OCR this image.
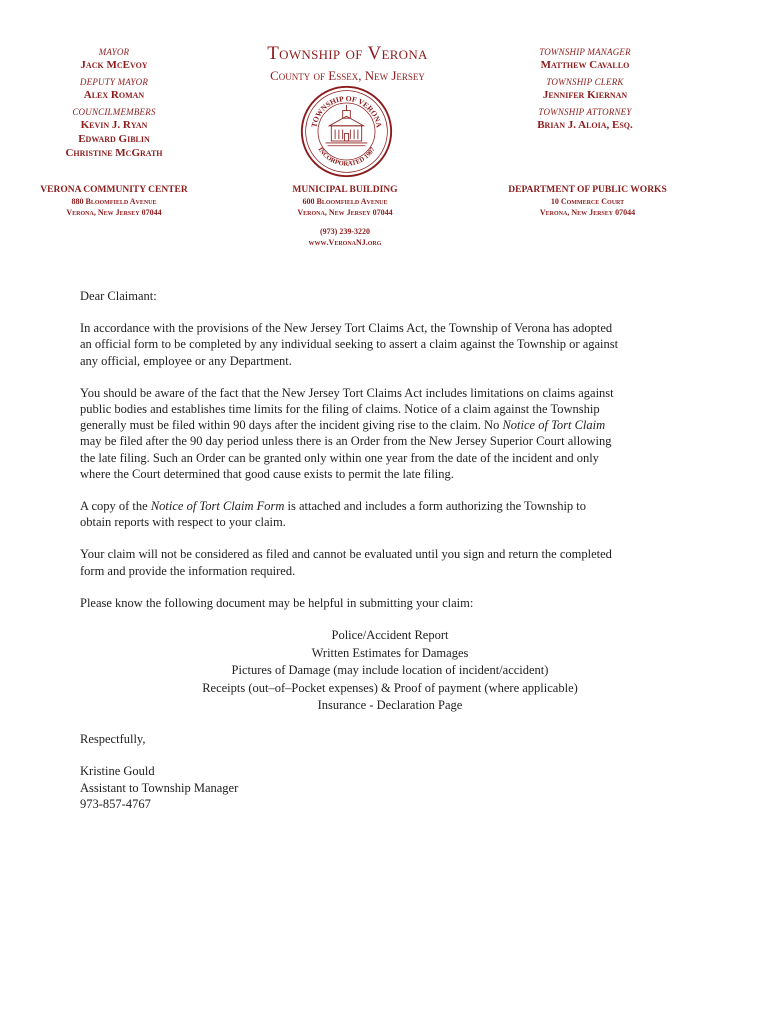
MAYOR
Jack McEvoy
DEPUTY MAYOR
Alex Roman
COUNCILMEMBERS
Kevin J. Ryan
Edward Giblin
Christine McGrath
Township of Verona
County of Essex, New Jersey
TOWNSHIP OF VERONA
INCORPORATED 1907
TOWNSHIP MANAGER
Matthew Cavallo
TOWNSHIP CLERK
Jennifer Kiernan
TOWNSHIP ATTORNEY
Brian J. Aloia, Esq.
VERONA COMMUNITY CENTER
880 Bloomfield Avenue
Verona, New Jersey 07044
MUNICIPAL BUILDING
600 Bloomfield Avenue
Verona, New Jersey 07044
(973) 239-3220
www.VeronaNJ.org
DEPARTMENT OF PUBLIC WORKS
10 Commerce Court
Verona, New Jersey 07044

Dear Claimant:

In accordance with the provisions of the New Jersey Tort Claims Act, the Township of Verona has adopted an official form to be completed by any individual seeking to assert a claim against the Township or against any official, employee or any Department.

You should be aware of the fact that the New Jersey Tort Claims Act includes limitations on claims against public bodies and establishes time limits for the filing of claims. Notice of a claim against the Township generally must be filed within 90 days after the incident giving rise to the claim. No Notice of Tort Claim may be filed after the 90 day period unless there is an Order from the New Jersey Superior Court allowing the late filing. Such an Order can be granted only within one year from the date of the incident and only where the Court determined that good cause exists to permit the late filing.

A copy of the Notice of Tort Claim Form is attached and includes a form authorizing the Township to obtain reports with respect to your claim.

Your claim will not be considered as filed and cannot be evaluated until you sign and return the completed form and provide the information required.

Please know the following document may be helpful in submitting your claim:

Police/Accident Report
Written Estimates for Damages
Pictures of Damage (may include location of incident/accident)
Receipts (out–of–Pocket expenses) & Proof of payment (where applicable)
Insurance - Declaration Page

Respectfully,

Kristine Gould
Assistant to Township Manager
973-857-4767
